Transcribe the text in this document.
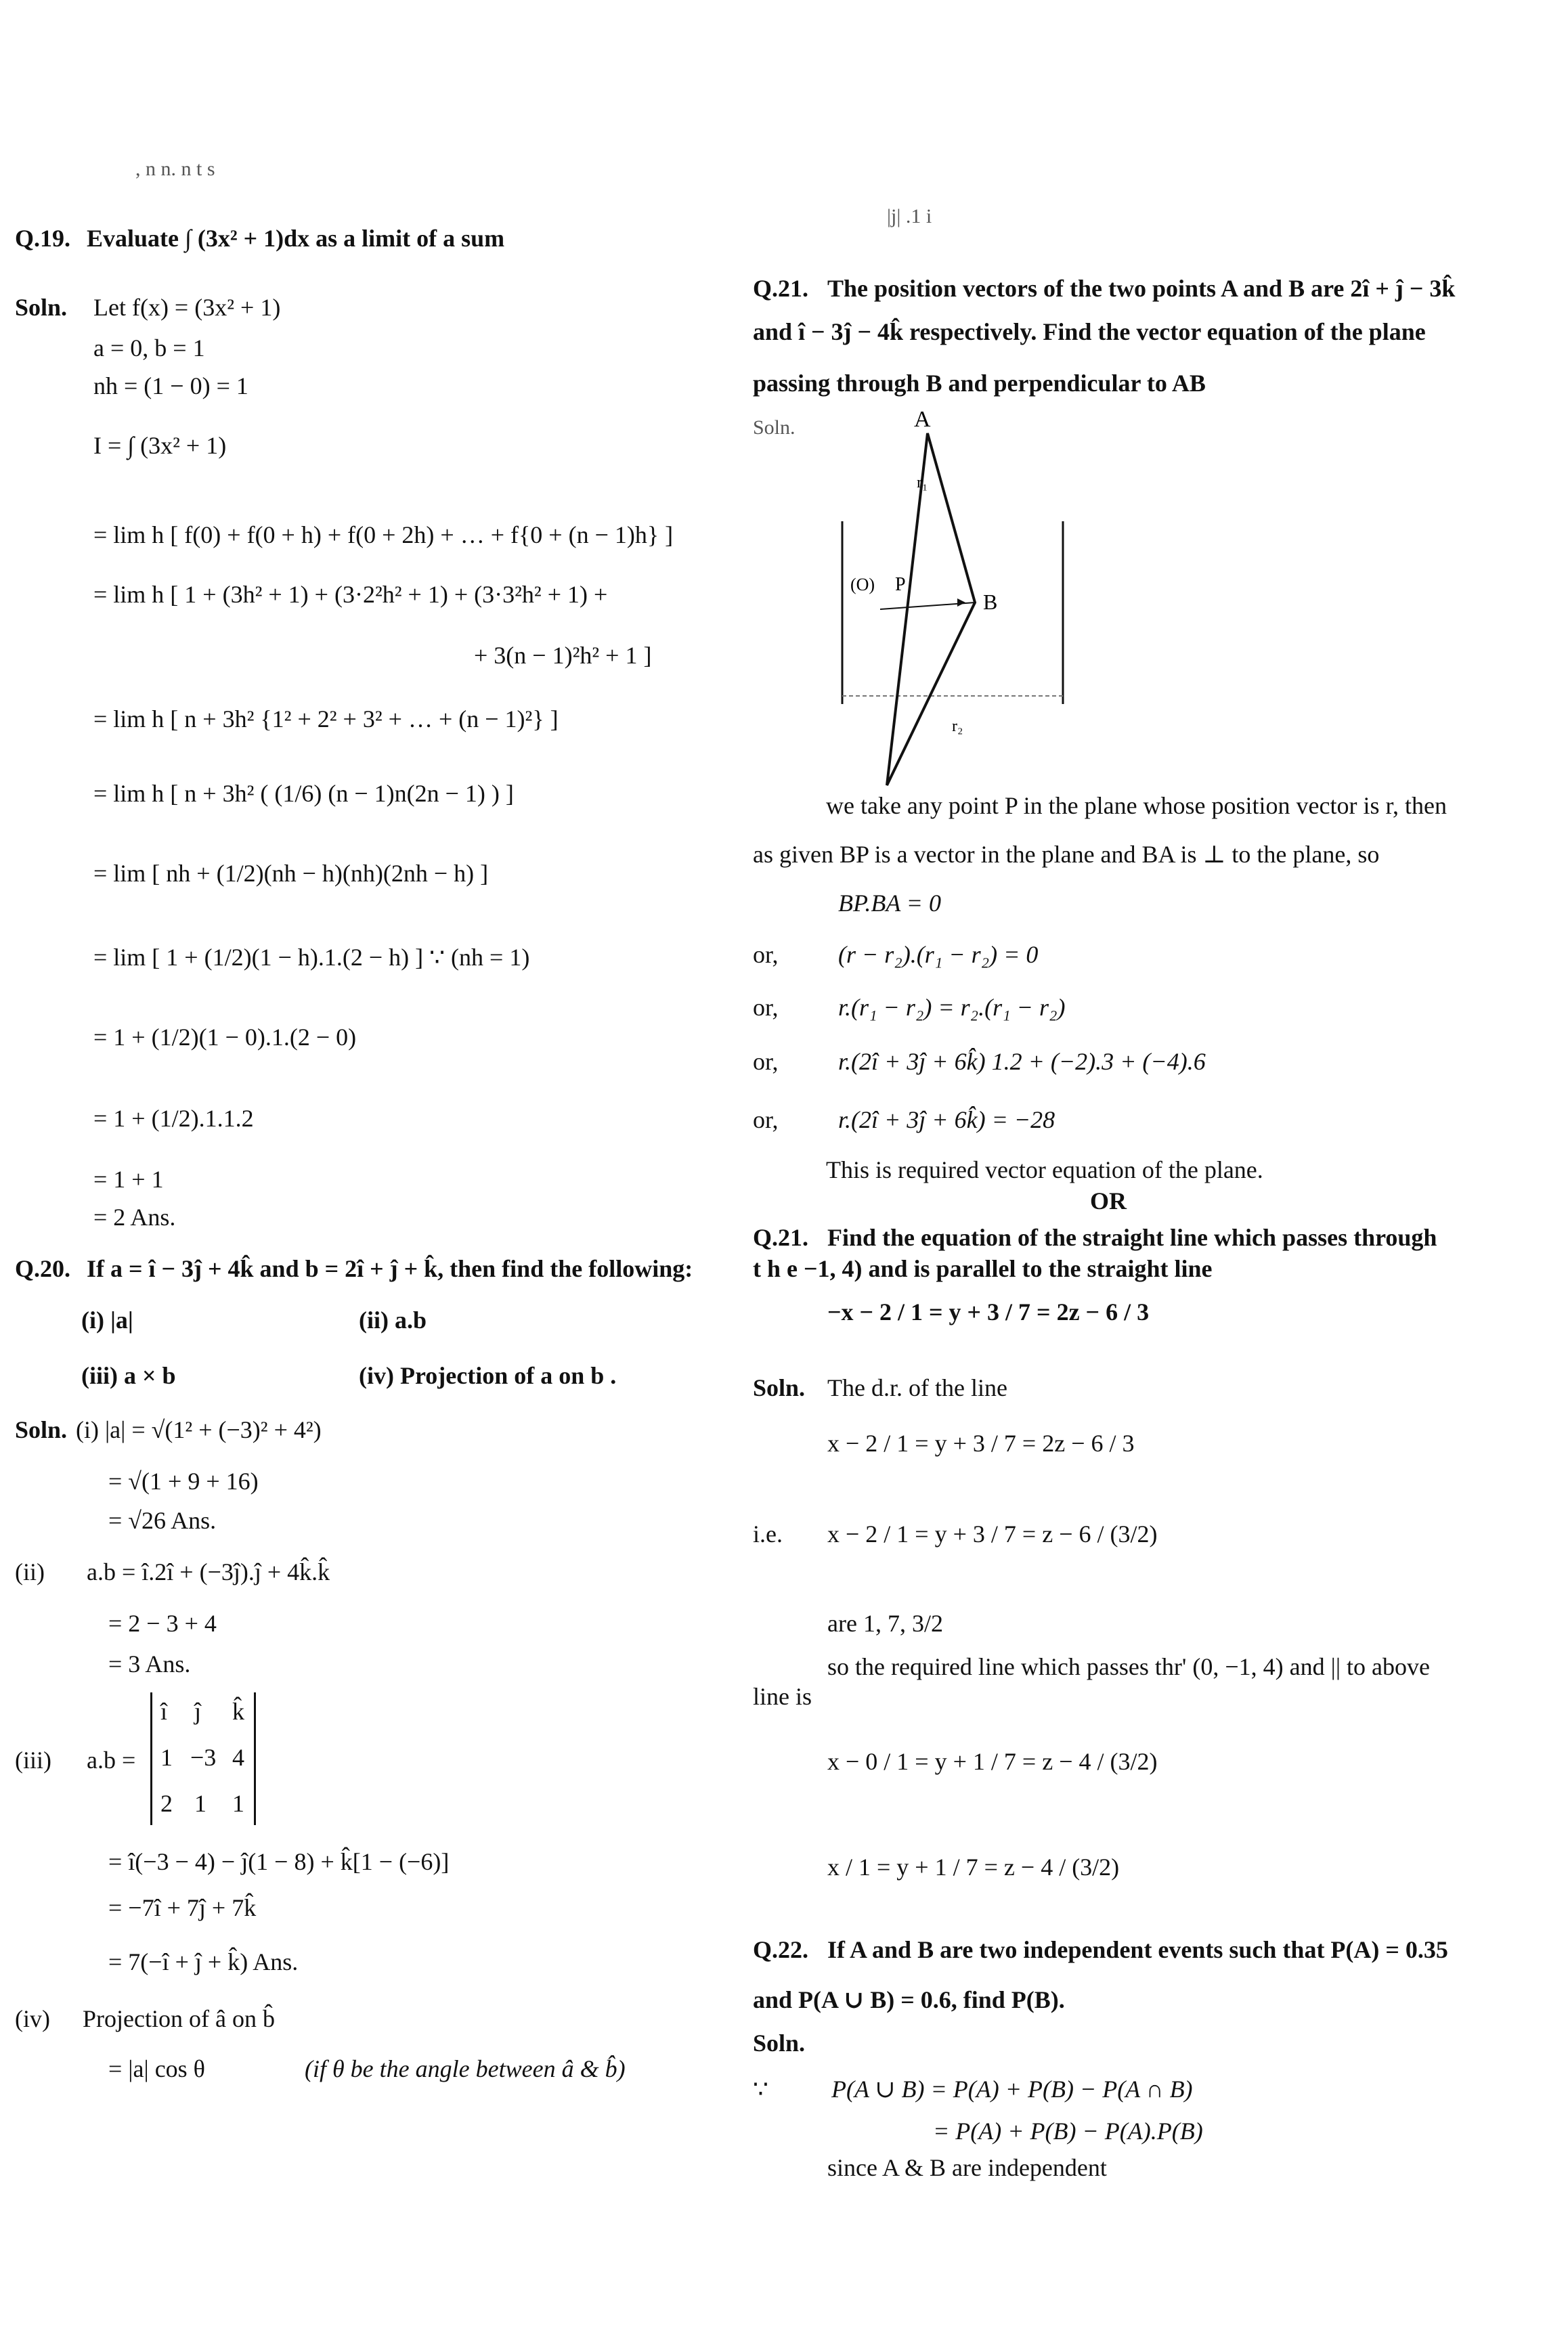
, n n. n t s
Q.19. Evaluate ∫ (3x² + 1)dx as a limit of a sum
Soln. Let f(x) = (3x² + 1)
a = 0, b = 1
nh = (1 − 0) = 1
I = ∫ (3x² + 1)
= lim h [ f(0) + f(0 + h) + f(0 + 2h) + … + f{0 + (n − 1)h} ]
= lim h [ 1 + (3h² + 1) + (3·2²h² + 1) + (3·3²h² + 1) +
+ 3(n − 1)²h² + 1 ]
= lim h [ n + 3h² {1² + 2² + 3² + … + (n − 1)²} ]
= lim h [ n + 3h² ( (1/6) (n − 1)n(2n − 1) ) ]
= lim [ nh + (1/2)(nh − h)(nh)(2nh − h) ]
= lim [ 1 + (1/2)(1 − h).1.(2 − h) ] ∵ (nh = 1)
= 1 + (1/2)(1 − 0).1.(2 − 0)
= 1 + (1/2).1.1.2
= 1 + 1
= 2 Ans.
Q.20. If a = î − 3ĵ + 4k̂ and b = 2î + ĵ + k̂, then find the following:
(i) |a|	(ii) a.b
(iii) a × b	(iv) Projection of a on b .
Soln. (i) |a| = √(1² + (−3)² + 4²)
= √(1 + 9 + 16)
= √26 Ans.
(ii) a.b = î.2î + (−3ĵ).ĵ + 4k̂.k̂
= 2 − 3 + 4
= 3 Ans.
(iii) a.b =
î ĵ k̂
1 −3 4
2 1 1
= î(−3 − 4) − ĵ(1 − 8) + k̂[1 − (−6)]
= −7î + 7ĵ + 7k̂
= 7(−î + ĵ + k̂) Ans.
(iv) Projection of â on b̂
= |a| cos θ	(if θ be the angle between â & b̂)
|j| .1 i
Q.21. The position vectors of the two points A and B are 2î + ĵ − 3k̂
and î − 3ĵ − 4k̂ respectively. Find the vector equation of the plane
passing through B and perpendicular to AB
Soln.	A
B
(O) P
r₁
r₂
we take any point P in the plane whose position vector is r, then
as given BP is a vector in the plane and BA is ⊥ to the plane, so
BP.BA = 0
or, (r − r₂).(r₁ − r₂) = 0
or, r.(r₁ − r₂) = r₂.(r₁ − r₂)
or, r.(2î + 3ĵ + 6k̂) 1.2 + (−2).3 + (−4).6
or, r.(2î + 3ĵ + 6k̂) = −28
This is required vector equation of the plane.
OR
Q.21. Find the equation of the straight line which passes through
t h e −1, 4) and is parallel to the straight line
−x − 2 / 1 = y + 3 / 7 = 2z − 6 / 3
Soln. The d.r. of the line
x − 2 / 1 = y + 3 / 7 = 2z − 6 / 3
i.e. x − 2 / 1 = y + 3 / 7 = z − 6 / (3/2)
are 1, 7, 3/2
so the required line which passes thr' (0, −1, 4) and || to above
line is
x − 0 / 1 = y + 1 / 7 = z − 4 / (3/2)
x / 1 = y + 1 / 7 = z − 4 / (3/2)
Q.22. If A and B are two independent events such that P(A) = 0.35
and P(A ∪ B) = 0.6, find P(B).
Soln.
∵	P(A ∪ B) = P(A) + P(B) − P(A ∩ B)
= P(A) + P(B) − P(A).P(B)
since A & B are independent
